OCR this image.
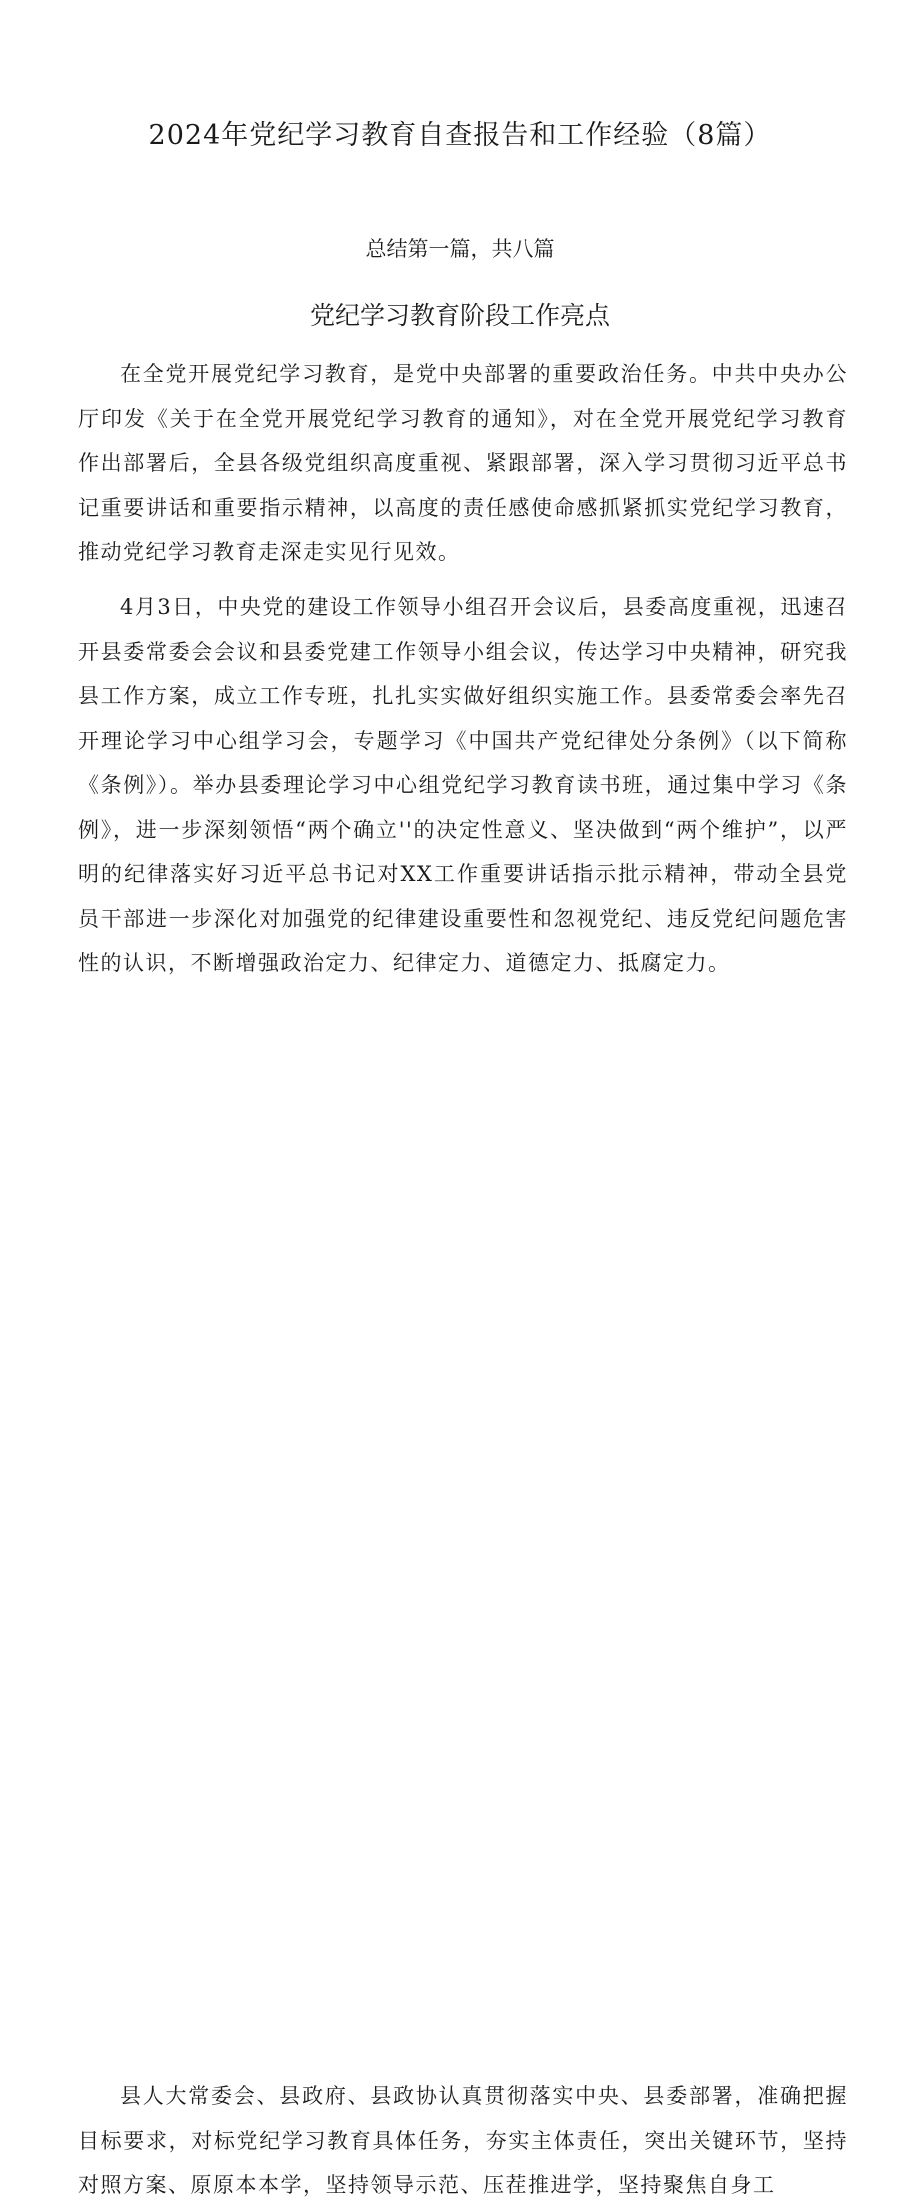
2024年党纪学习教育自查报告和工作经验（8篇）
总结第一篇，共八篇
党纪学习教育阶段工作亮点

在全党开展党纪学习教育，是党中央部署的重要政治任务。中共中央办公厅印发《关于在全党开展党纪学习教育的通知》，对在全党开展党纪学习教育作出部署后，全县各级党组织高度重视、紧跟部署，深入学习贯彻习近平总书记重要讲话和重要指示精神，以高度的责任感使命感抓紧抓实党纪学习教育，推动党纪学习教育走深走实见行见效。

4月3日，中央党的建设工作领导小组召开会议后，县委高度重视，迅速召开县委常委会会议和县委党建工作领导小组会议，传达学习中央精神，研究我县工作方案，成立工作专班，扎扎实实做好组织实施工作。县委常委会率先召开理论学习中心组学习会，专题学习《中国共产党纪律处分条例》（以下简称《条例》）。举办县委理论学习中心组党纪学习教育读书班，通过集中学习《条例》，进一步深刻领悟“两个确立''的决定性意义、坚决做到“两个维护”，以严明的纪律落实好习近平总书记对XX工作重要讲话指示批示精神，带动全县党员干部进一步深化对加强党的纪律建设重要性和忽视党纪、违反党纪问题危害性的认识，不断增强政治定力、纪律定力、道德定力、抵腐定力。

县人大常委会、县政府、县政协认真贯彻落实中央、县委部署，准确把握目标要求，对标党纪学习教育具体任务，夯实主体责任，突出关键环节，坚持对照方案、原原本本学，坚持领导示范、压茬推进学，坚持聚焦自身工
